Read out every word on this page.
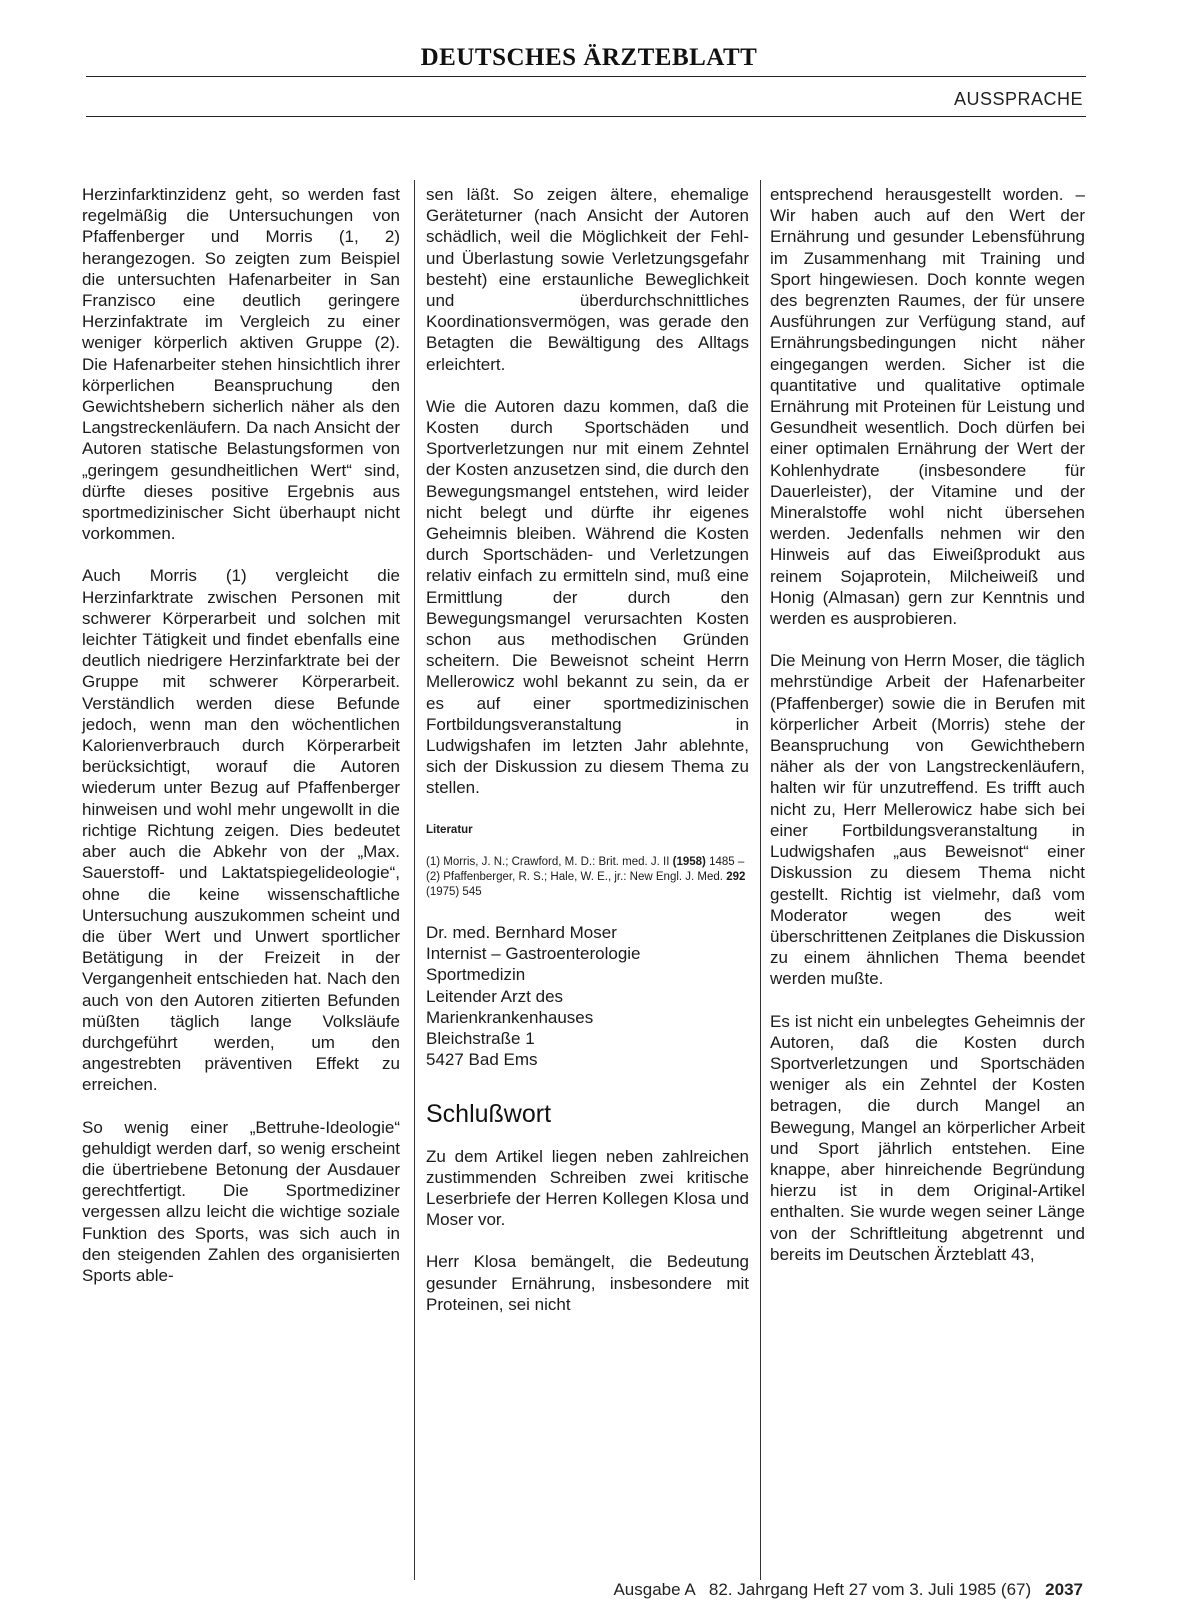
DEUTSCHES ÄRZTEBLATT
AUSSPRACHE

Herzinfarktinzidenz geht, so werden fast regelmäßig die Untersuchungen von Pfaffenberger und Morris (1, 2) herangezogen. So zeigten zum Beispiel die untersuchten Hafenarbeiter in San Franzisco eine deutlich geringere Herzinfaktrate im Vergleich zu einer weniger körperlich aktiven Gruppe (2). Die Hafenarbeiter stehen hinsichtlich ihrer körperlichen Beanspruchung den Gewichtshebern sicherlich näher als den Langstreckenläufern. Da nach Ansicht der Autoren statische Belastungsformen von „geringem gesundheitlichen Wert“ sind, dürfte dieses positive Ergebnis aus sportmedizinischer Sicht überhaupt nicht vorkommen.

Auch Morris (1) vergleicht die Herzinfarktrate zwischen Personen mit schwerer Körperarbeit und solchen mit leichter Tätigkeit und findet ebenfalls eine deutlich niedrigere Herzinfarktrate bei der Gruppe mit schwerer Körperarbeit. Verständlich werden diese Befunde jedoch, wenn man den wöchentlichen Kalorienverbrauch durch Körperarbeit berücksichtigt, worauf die Autoren wiederum unter Bezug auf Pfaffenberger hinweisen und wohl mehr ungewollt in die richtige Richtung zeigen. Dies bedeutet aber auch die Abkehr von der „Max. Sauerstoff- und Laktatspiegelideologie“, ohne die keine wissenschaftliche Untersuchung auszukommen scheint und die über Wert und Unwert sportlicher Betätigung in der Freizeit in der Vergangenheit entschieden hat. Nach den auch von den Autoren zitierten Befunden müßten täglich lange Volksläufe durchgeführt werden, um den angestrebten präventiven Effekt zu erreichen.

So wenig einer „Bettruhe-Ideologie“ gehuldigt werden darf, so wenig erscheint die übertriebene Betonung der Ausdauer gerechtfertigt. Die Sportmediziner vergessen allzu leicht die wichtige soziale Funktion des Sports, was sich auch in den steigenden Zahlen des organisierten Sports able-

sen läßt. So zeigen ältere, ehemalige Geräteturner (nach Ansicht der Autoren schädlich, weil die Möglichkeit der Fehl- und Überlastung sowie Verletzungsgefahr besteht) eine erstaunliche Beweglichkeit und überdurchschnittliches Koordinationsvermögen, was gerade den Betagten die Bewältigung des Alltags erleichtert.

Wie die Autoren dazu kommen, daß die Kosten durch Sportschäden und Sportverletzungen nur mit einem Zehntel der Kosten anzusetzen sind, die durch den Bewegungsmangel entstehen, wird leider nicht belegt und dürfte ihr eigenes Geheimnis bleiben. Während die Kosten durch Sportschäden- und Verletzungen relativ einfach zu ermitteln sind, muß eine Ermittlung der durch den Bewegungsmangel verursachten Kosten schon aus methodischen Gründen scheitern. Die Beweisnot scheint Herrn Mellerowicz wohl bekannt zu sein, da er es auf einer sportmedizinischen Fortbildungsveranstaltung in Ludwigshafen im letzten Jahr ablehnte, sich der Diskussion zu diesem Thema zu stellen.

Literatur
(1) Morris, J. N.; Crawford, M. D.: Brit. med. J. II (1958) 1485 – (2) Pfaffenberger, R. S.; Hale, W. E., jr.: New Engl. J. Med. 292 (1975) 545
Dr. med. Bernhard Moser
Internist – Gastroenterologie
Sportmedizin
Leitender Arzt des
Marienkrankenhauses
Bleichstraße 1
5427 Bad Ems
Schlußwort

Zu dem Artikel liegen neben zahlreichen zustimmenden Schreiben zwei kritische Leserbriefe der Herren Kollegen Klosa und Moser vor.

Herr Klosa bemängelt, die Bedeutung gesunder Ernährung, insbesondere mit Proteinen, sei nicht

entsprechend herausgestellt worden. – Wir haben auch auf den Wert der Ernährung und gesunder Lebensführung im Zusammenhang mit Training und Sport hingewiesen. Doch konnte wegen des begrenzten Raumes, der für unsere Ausführungen zur Verfügung stand, auf Ernährungsbedingungen nicht näher eingegangen werden. Sicher ist die quantitative und qualitative optimale Ernährung mit Proteinen für Leistung und Gesundheit wesentlich. Doch dürfen bei einer optimalen Ernährung der Wert der Kohlenhydrate (insbesondere für Dauerleister), der Vitamine und der Mineralstoffe wohl nicht übersehen werden. Jedenfalls nehmen wir den Hinweis auf das Eiweißprodukt aus reinem Sojaprotein, Milcheiweiß und Honig (Almasan) gern zur Kenntnis und werden es ausprobieren.

Die Meinung von Herrn Moser, die täglich mehrstündige Arbeit der Hafenarbeiter (Pfaffenberger) sowie die in Berufen mit körperlicher Arbeit (Morris) stehe der Beanspruchung von Gewichthebern näher als der von Langstreckenläufern, halten wir für unzutreffend. Es trifft auch nicht zu, Herr Mellerowicz habe sich bei einer Fortbildungsveranstaltung in Ludwigshafen „aus Beweisnot“ einer Diskussion zu diesem Thema nicht gestellt. Richtig ist vielmehr, daß vom Moderator wegen des weit überschrittenen Zeitplanes die Diskussion zu einem ähnlichen Thema beendet werden mußte.

Es ist nicht ein unbelegtes Geheimnis der Autoren, daß die Kosten durch Sportverletzungen und Sportschäden weniger als ein Zehntel der Kosten betragen, die durch Mangel an Bewegung, Mangel an körperlicher Arbeit und Sport jährlich entstehen. Eine knappe, aber hinreichende Begründung hierzu ist in dem Original-Artikel enthalten. Sie wurde wegen seiner Länge von der Schriftleitung abgetrennt und bereits im Deutschen Ärzteblatt 43,

Ausgabe A   82. Jahrgang Heft 27 vom 3. Juli 1985 (67) 2037
